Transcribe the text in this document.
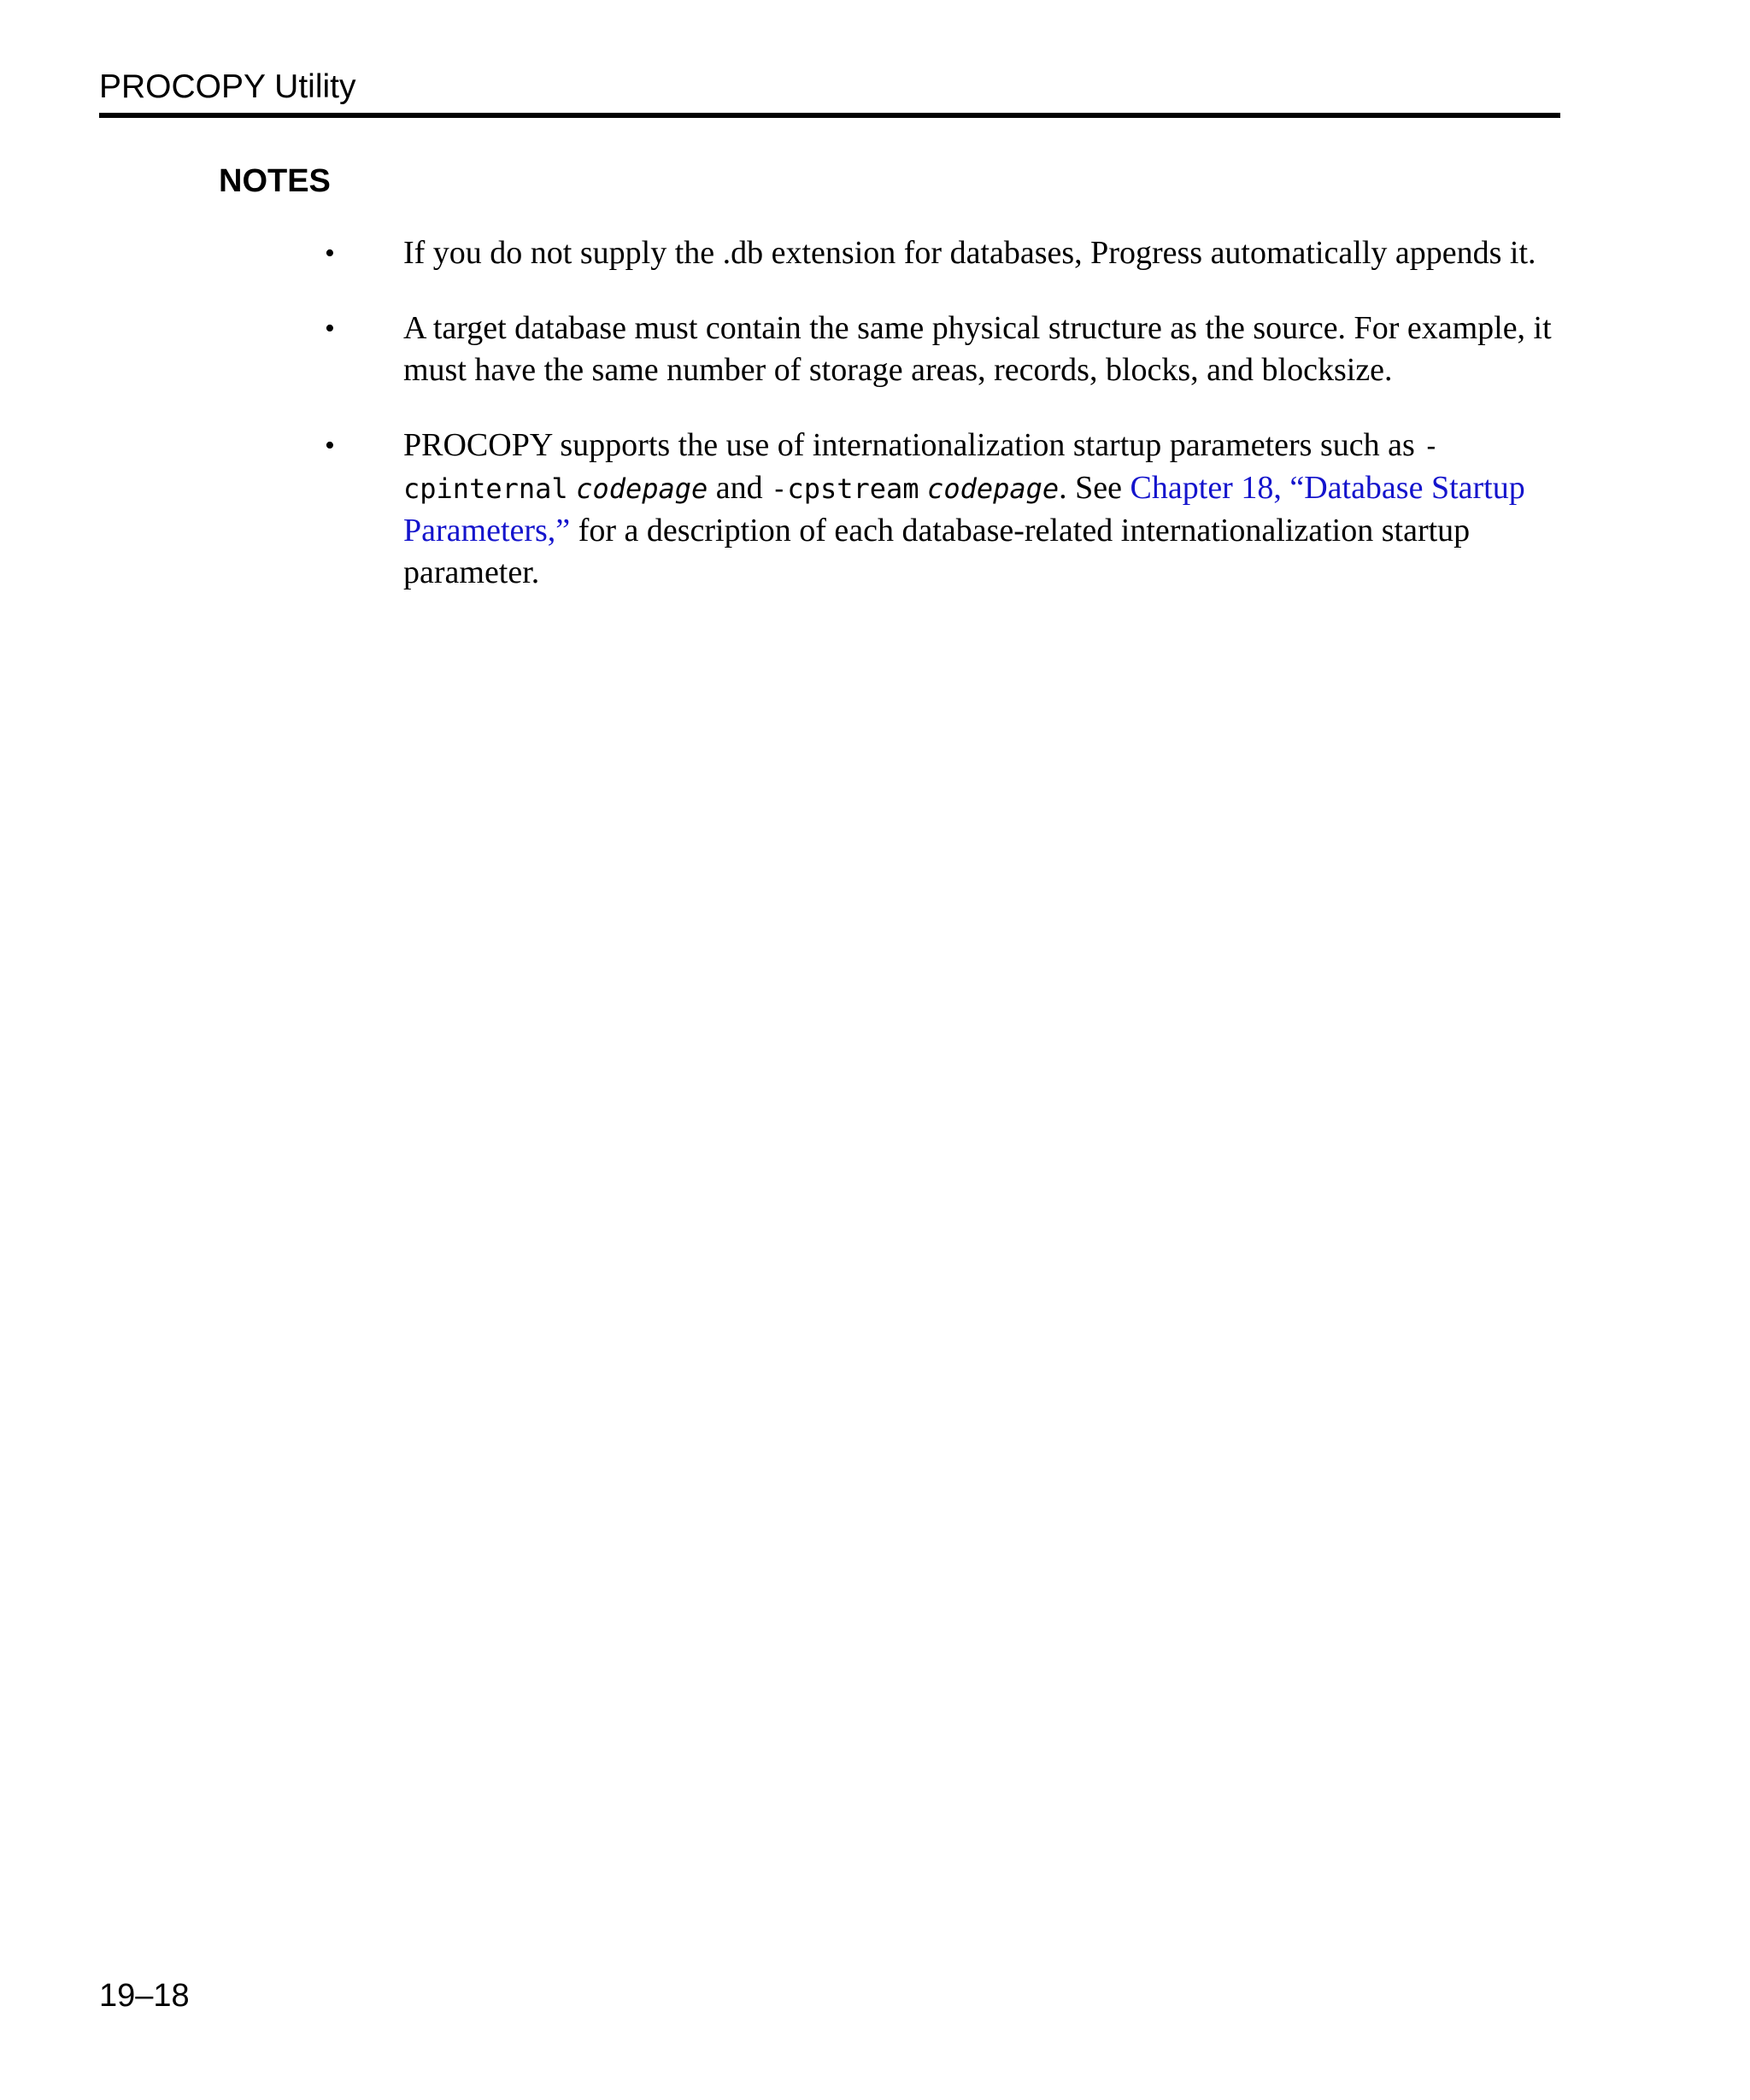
PROCOPY Utility
NOTES
•	If you do not supply the .db extension for databases, Progress automatically appends it.
•	A target database must contain the same physical structure as the source. For example, it must have the same number of storage areas, records, blocks, and blocksize.
•	PROCOPY supports the use of internationalization startup parameters such as -cpinternal codepage and -cpstream codepage. See Chapter 18, “Database Startup Parameters,” for a description of each database-related internationalization startup parameter.
19–18
